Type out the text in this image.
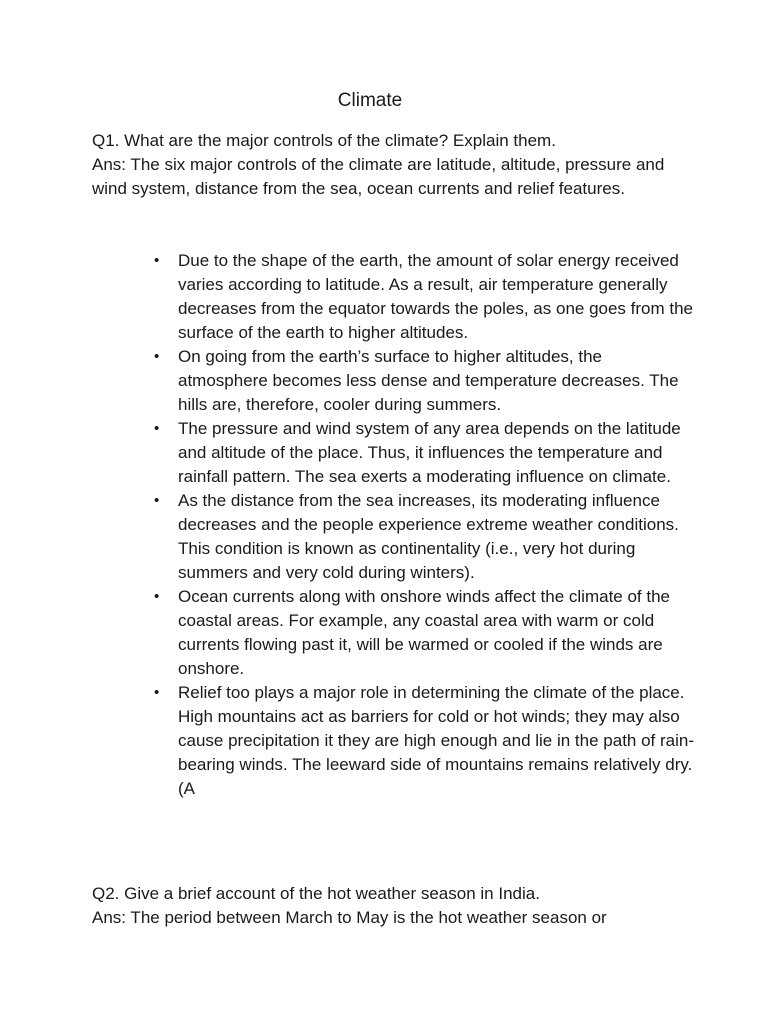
Climate

Q1. What are the major controls of the climate? Explain them.

Ans: The six major controls of the climate are latitude, altitude, pressure and wind system, distance from the sea, ocean currents and relief features.

• Due to the shape of the earth, the amount of solar energy received varies according to latitude. As a result, air temperature generally decreases from the equator towards the poles, as one goes from the surface of the earth to higher altitudes.
• On going from the earth’s surface to higher altitudes, the atmosphere becomes less dense and temperature decreases. The hills are, therefore, cooler during summers.
• The pressure and wind system of any area depends on the latitude and altitude of the place. Thus, it influences the temperature and rainfall pattern. The sea exerts a moderating influence on climate.
• As the distance from the sea increases, its moderating influence decreases and the people experience extreme weather conditions. This condition is known as continentality (i.e., very hot during summers and very cold during winters).
• Ocean currents along with onshore winds affect the climate of the coastal areas. For example, any coastal area with warm or cold currents flowing past it, will be warmed or cooled if the winds are onshore.
• Relief too plays a major role in determining the climate of the place. High mountains act as barriers for cold or hot winds; they may also cause precipitation it they are high enough and lie in the path of rain-bearing winds. The leeward side of mountains remains relatively dry. (A

Q2. Give a brief account of the hot weather season in India.

Ans: The period between March to May is the hot weather season or
